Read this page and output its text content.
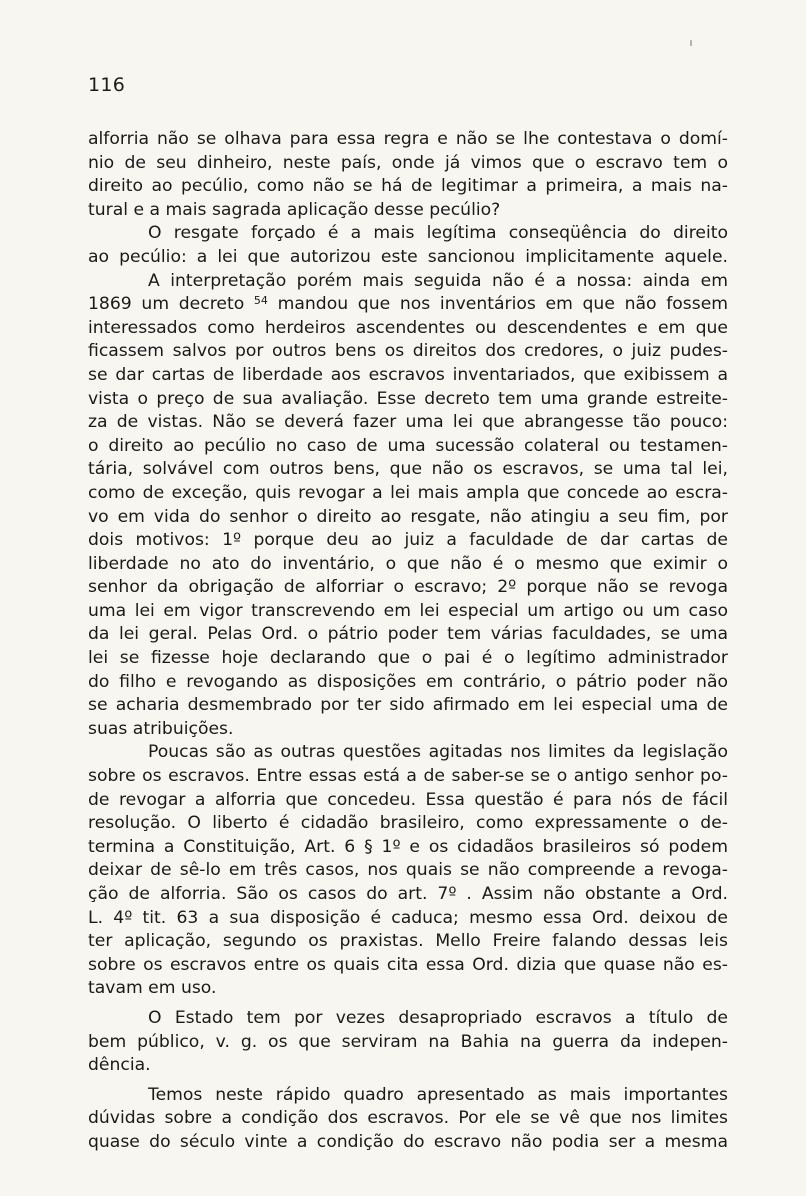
116
alforria não se olhava para essa regra e não se lhe contestava o domí-
nio de seu dinheiro, neste país, onde já vimos que o escravo tem o
direito ao pecúlio, como não se há de legitimar a primeira, a mais na-
tural e a mais sagrada aplicação desse pecúlio?
O resgate forçado é a mais legítima conseqüência do direito
ao pecúlio: a lei que autorizou este sancionou implicitamente aquele.
A interpretação porém mais seguida não é a nossa: ainda em
1869 um decreto $^{54}$ mandou que nos inventários em que não fossem
interessados como herdeiros ascendentes ou descendentes e em que
ficassem salvos por outros bens os direitos dos credores, o juiz pudes-
se dar cartas de liberdade aos escravos inventariados, que exibissem a
vista o preço de sua avaliação. Esse decreto tem uma grande estreite-
za de vistas. Não se deverá fazer uma lei que abrangesse tão pouco:
o direito ao pecúlio no caso de uma sucessão colateral ou testamen-
tária, solvável com outros bens, que não os escravos, se uma tal lei,
como de exceção, quis revogar a lei mais ampla que concede ao escra-
vo em vida do senhor o direito ao resgate, não atingiu a seu fim, por
dois motivos: 1º porque deu ao juiz a faculdade de dar cartas de
liberdade no ato do inventário, o que não é o mesmo que eximir o
senhor da obrigação de alforriar o escravo; 2º porque não se revoga
uma lei em vigor transcrevendo em lei especial um artigo ou um caso
da lei geral. Pelas Ord. o pátrio poder tem várias faculdades, se uma
lei se fizesse hoje declarando que o pai é o legítimo administrador
do filho e revogando as disposições em contrário, o pátrio poder não
se acharia desmembrado por ter sido afirmado em lei especial uma de
suas atribuições.
Poucas são as outras questões agitadas nos limites da legislação
sobre os escravos. Entre essas está a de saber-se se o antigo senhor po-
de revogar a alforria que concedeu. Essa questão é para nós de fácil
resolução. O liberto é cidadão brasileiro, como expressamente o de-
termina a Constituição, Art. 6 § 1º e os cidadãos brasileiros só podem
deixar de sê-lo em três casos, nos quais se não compreende a revoga-
ção de alforria. São os casos do art. 7º . Assim não obstante a Ord.
L. 4º tit. 63 a sua disposição é caduca; mesmo essa Ord. deixou de
ter aplicação, segundo os praxistas. Mello Freire falando dessas leis
sobre os escravos entre os quais cita essa Ord. dizia que quase não es-
tavam em uso.
O Estado tem por vezes desapropriado escravos a título de
bem público, v. g. os que serviram na Bahia na guerra da indepen-
dência.
Temos neste rápido quadro apresentado as mais importantes
dúvidas sobre a condição dos escravos. Por ele se vê que nos limites
quase do século vinte a condição do escravo não podia ser a mesma
